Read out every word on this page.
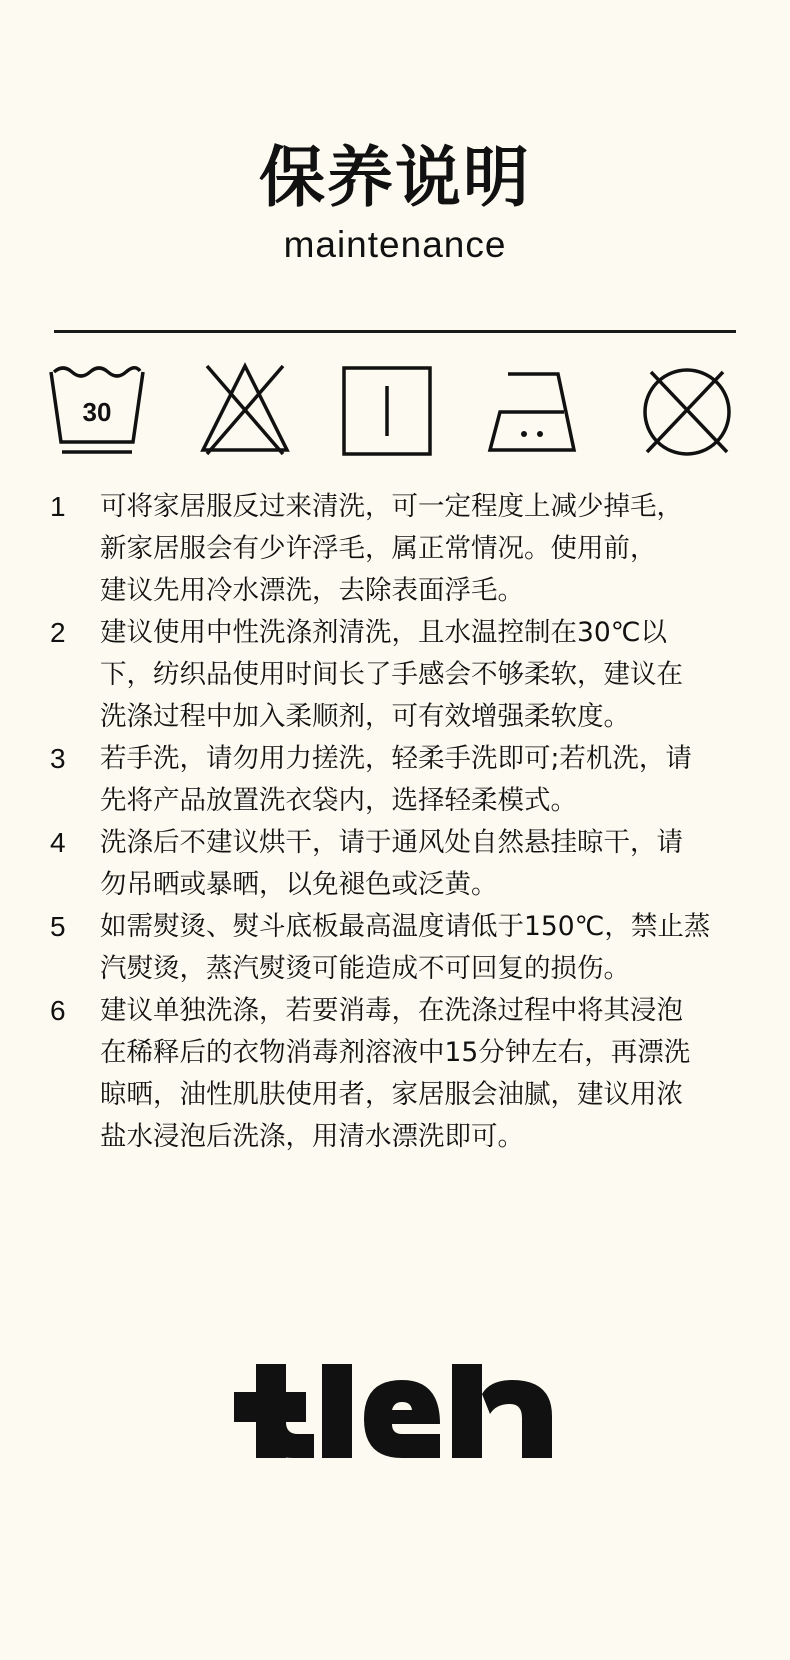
保养说明
maintenance
30
1	可将家居服反过来清洗，可一定程度上减少掉毛，
新家居服会有少许浮毛，属正常情况。使用前，
建议先用冷水漂洗，去除表面浮毛。
2	建议使用中性洗涤剂清洗，且水温控制在30℃以
下，纺织品使用时间长了手感会不够柔软，建议在
洗涤过程中加入柔顺剂，可有效增强柔软度。
3	若手洗，请勿用力搓洗，轻柔手洗即可;若机洗，请
先将产品放置洗衣袋内，选择轻柔模式。
4	洗涤后不建议烘干，请于通风处自然悬挂晾干，请
勿吊晒或暴晒，以免褪色或泛黄。
5	如需熨烫、熨斗底板最高温度请低于150℃，禁止蒸
汽熨烫，蒸汽熨烫可能造成不可回复的损伤。
6	建议单独洗涤，若要消毒，在洗涤过程中将其浸泡
在稀释后的衣物消毒剂溶液中15分钟左右，再漂洗
晾晒，油性肌肤使用者，家居服会油腻，建议用浓
盐水浸泡后洗涤，用清水漂洗即可。
